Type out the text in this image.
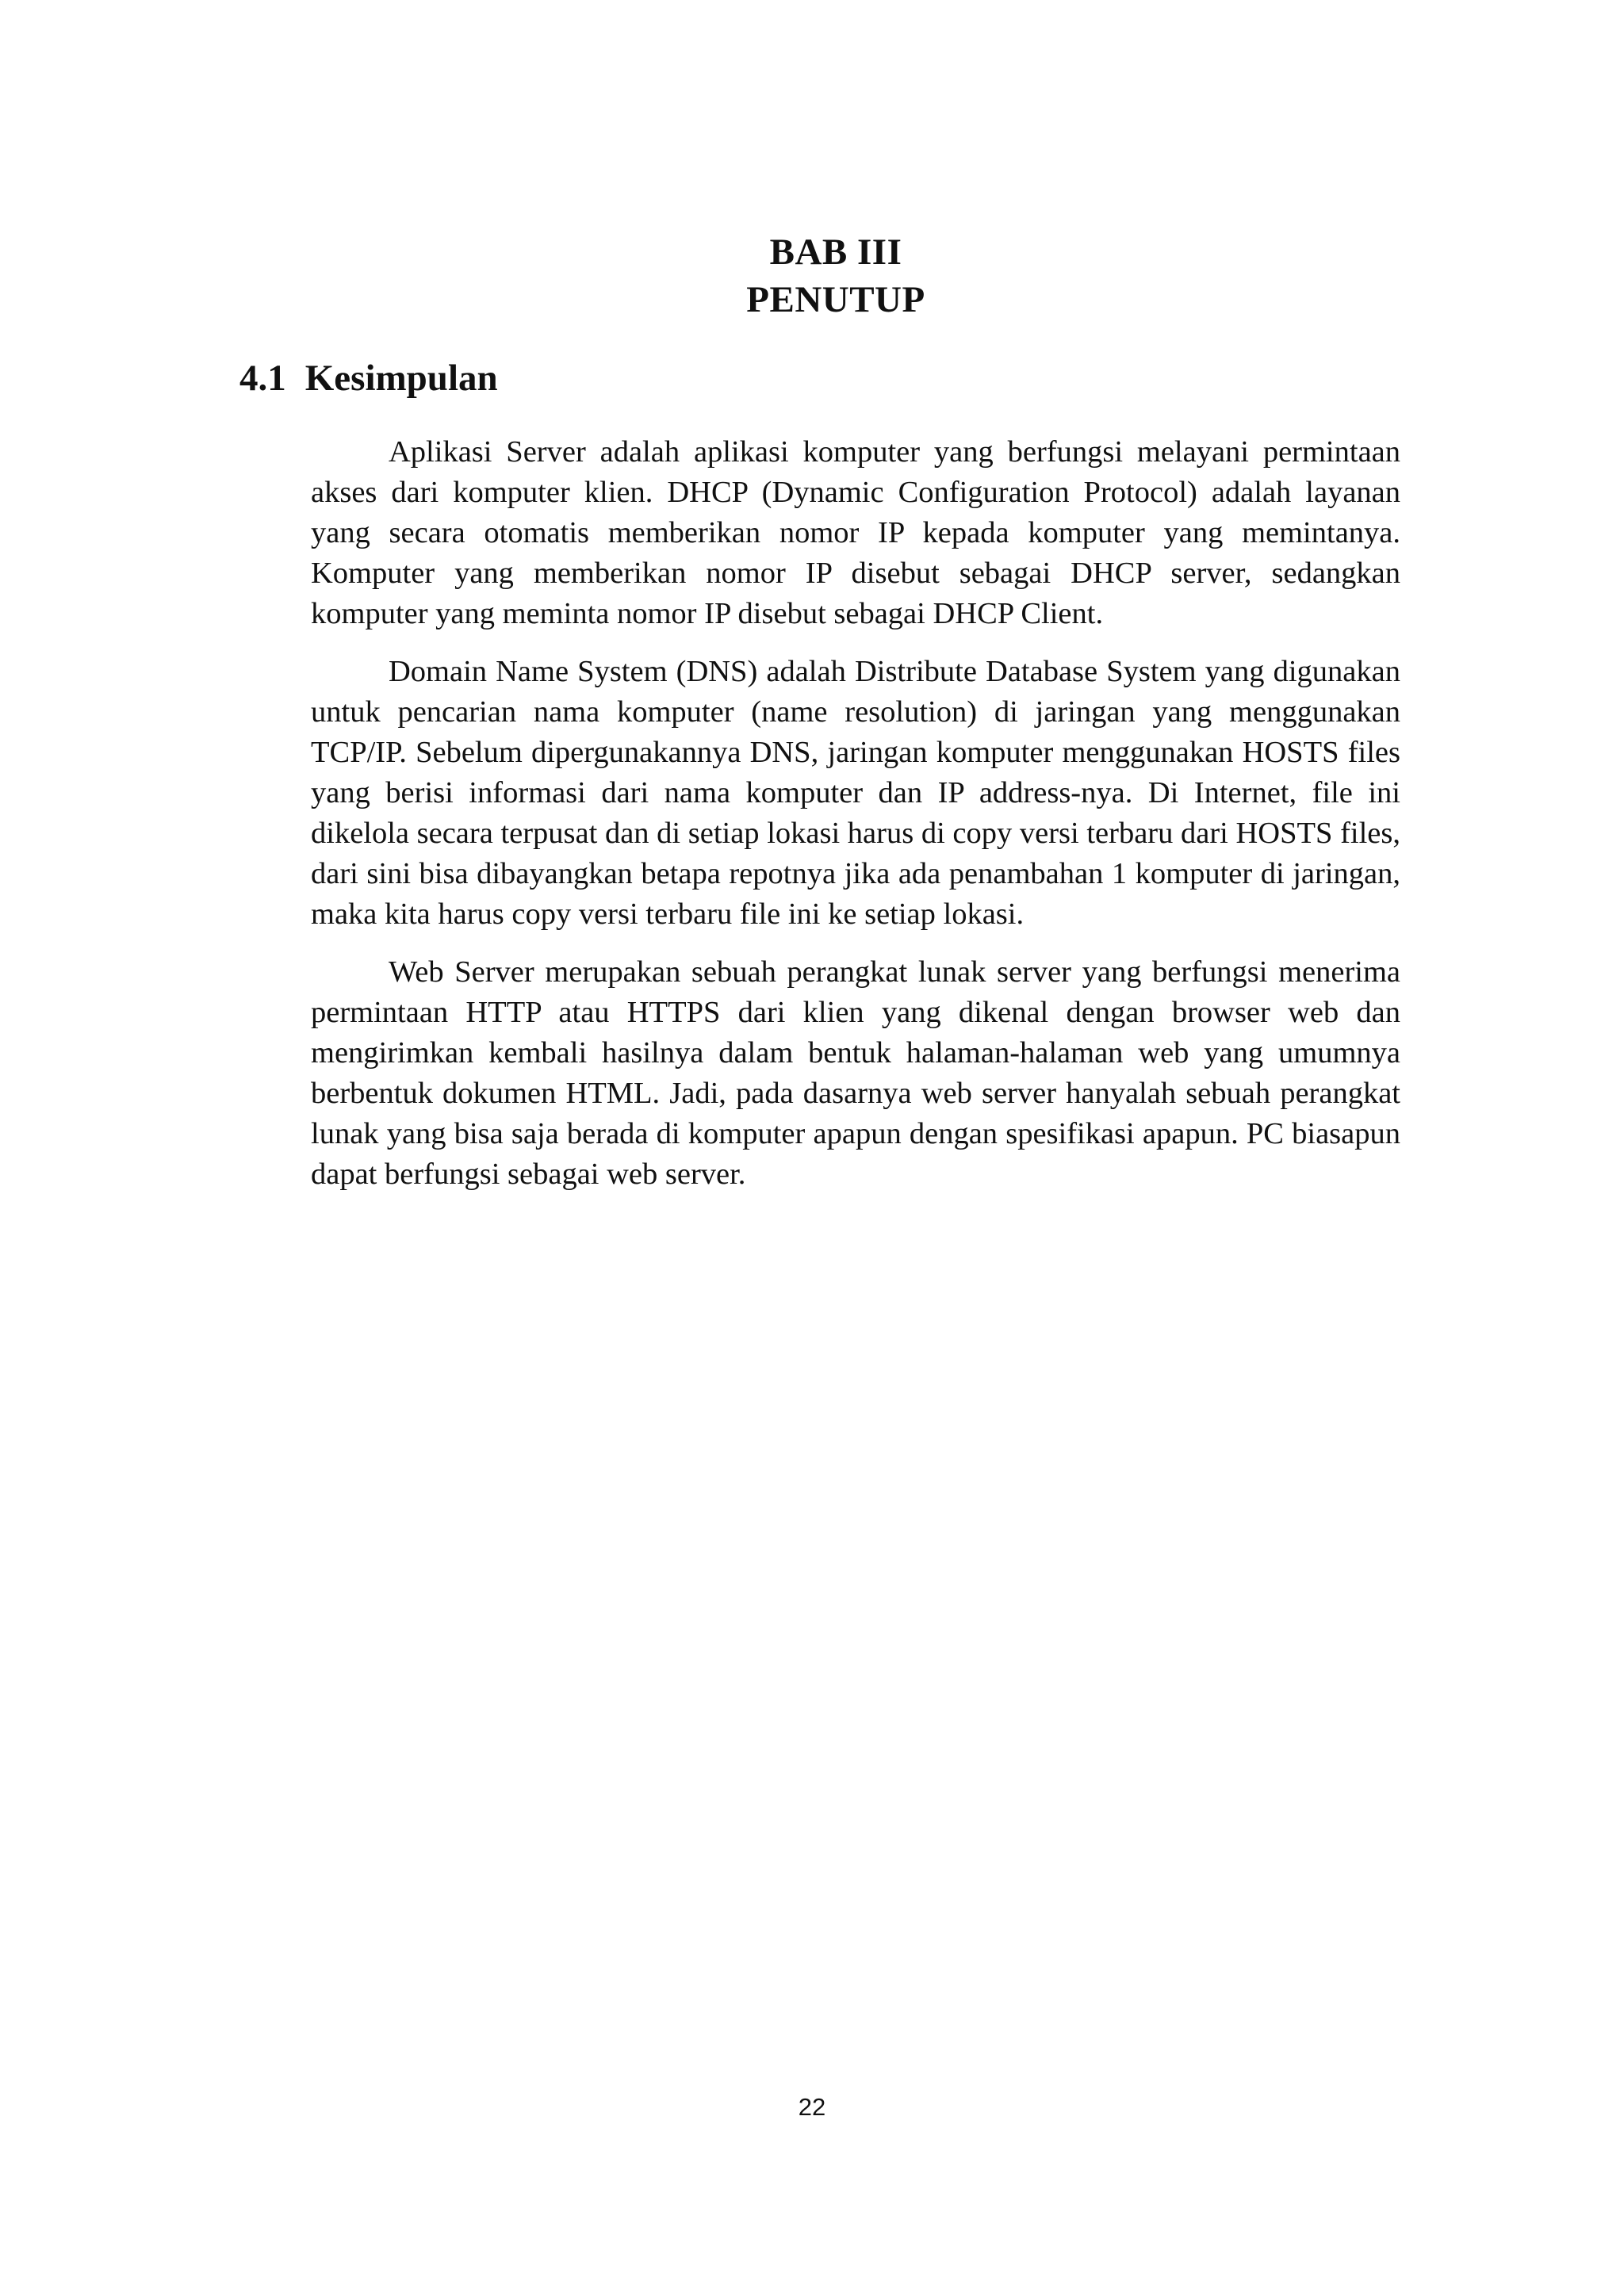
BAB III
PENUTUP
4.1 Kesimpulan

Aplikasi Server adalah aplikasi komputer yang berfungsi melayani permintaan akses dari komputer klien. DHCP (Dynamic Configuration Protocol) adalah layanan yang secara otomatis memberikan nomor IP kepada komputer yang memintanya. Komputer yang memberikan nomor IP disebut sebagai DHCP server, sedangkan komputer yang meminta nomor IP disebut sebagai DHCP Client.

Domain Name System (DNS) adalah Distribute Database System yang digunakan untuk pencarian nama komputer (name resolution) di jaringan yang menggunakan TCP/IP. Sebelum dipergunakannya DNS, jaringan komputer menggunakan HOSTS files yang berisi informasi dari nama komputer dan IP address-nya. Di Internet, file ini dikelola secara terpusat dan di setiap lokasi harus di copy versi terbaru dari HOSTS files, dari sini bisa dibayangkan betapa repotnya jika ada penambahan 1 komputer di jaringan, maka kita harus copy versi terbaru file ini ke setiap lokasi.

Web Server merupakan sebuah perangkat lunak server yang berfungsi menerima permintaan HTTP atau HTTPS dari klien yang dikenal dengan browser web dan mengirimkan kembali hasilnya dalam bentuk halaman-halaman web yang umumnya berbentuk dokumen HTML. Jadi, pada dasarnya web server hanyalah sebuah perangkat lunak yang bisa saja berada di komputer apapun dengan spesifikasi apapun. PC biasapun dapat berfungsi sebagai web server.

22
